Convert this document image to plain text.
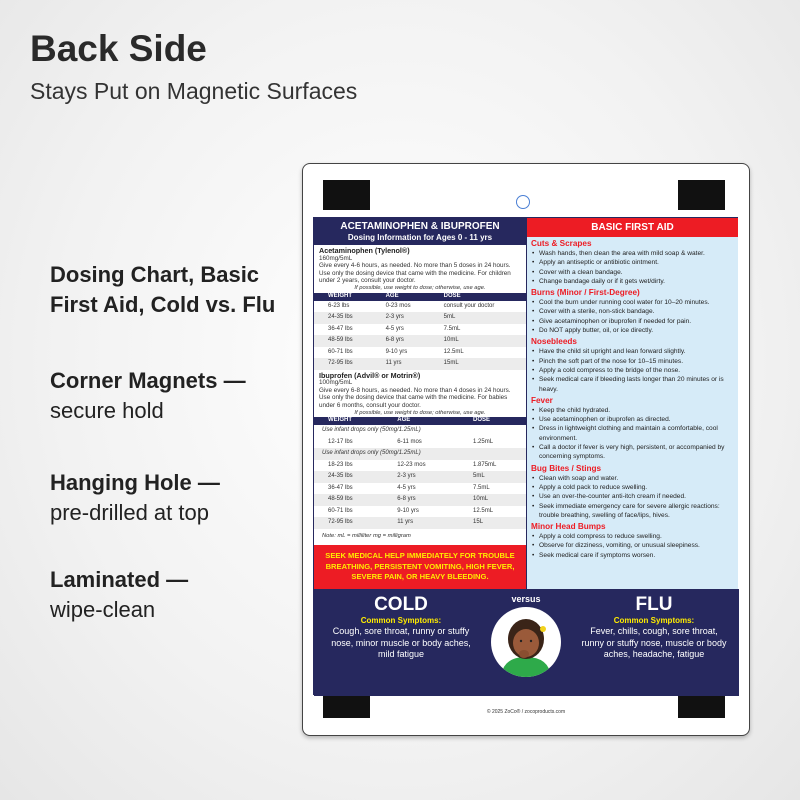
Back Side
Stays Put on Magnetic Surfaces
Dosing Chart, Basic First Aid, Cold vs. Flu
Corner Magnets —
secure hold
Hanging Hole —
pre-drilled at top
Laminated —
wipe-clean
ACETAMINOPHEN & IBUPROFEN
Dosing Information for Ages 0 - 11 yrs
Acetaminophen (Tylenol®)
160mg/5mL
Give every 4-6 hours, as needed. No more than 5 doses in 24 hours. Use only the dosing device that came with the medicine. For children under 2 years, consult your doctor.
If possible, use weight to dose; otherwise, use age.
WEIGHT	AGE	DOSE
6-23 lbs	0-23 mos	consult your doctor
24-35 lbs	2-3 yrs	5mL
36-47 lbs	4-5 yrs	7.5mL
48-59 lbs	6-8 yrs	10mL
60-71 lbs	9-10 yrs	12.5mL
72-95 lbs	11 yrs	15mL
Ibuprofen (Advil® or Motrin®)
100mg/5mL
Give every 6-8 hours, as needed. No more than 4 doses in 24 hours. Use only the dosing device that came with the medicine. For babies under 6 months, consult your doctor.
If possible, use weight to dose; otherwise, use age.
WEIGHT	AGE	DOSE
Use infant drops only (50mg/1.25mL)		
12-17 lbs	6-11 mos	1.25mL
Use infant drops only (50mg/1.25mL)		
18-23 lbs	12-23 mos	1.875mL
24-35 lbs	2-3 yrs	5mL
36-47 lbs	4-5 yrs	7.5mL
48-59 lbs	6-8 yrs	10mL
60-71 lbs	9-10 yrs	12.5mL
72-95 lbs	11 yrs	15L
Note: mL = milliliter mg = milligram
SEEK MEDICAL HELP IMMEDIATELY FOR TROUBLE BREATHING, PERSISTENT VOMITING, HIGH FEVER, SEVERE PAIN, OR HEAVY BLEEDING.
BASIC FIRST AID
Cuts & Scrapes
• Wash hands, then clean the area with mild soap & water.
• Apply an antiseptic or antibiotic ointment.
• Cover with a clean bandage.
• Change bandage daily or if it gets wet/dirty.
Burns (Minor / First-Degree)
• Cool the burn under running cool water for 10–20 minutes.
• Cover with a sterile, non-stick bandage.
• Give acetaminophen or ibuprofen if needed for pain.
• Do NOT apply butter, oil, or ice directly.
Nosebleeds
• Have the child sit upright and lean forward slightly.
• Pinch the soft part of the nose for 10–15 minutes.
• Apply a cold compress to the bridge of the nose.
• Seek medical care if bleeding lasts longer than 20 minutes or is heavy.
Fever
• Keep the child hydrated.
• Use acetaminophen or ibuprofen as directed.
• Dress in lightweight clothing and maintain a comfortable, cool environment.
• Call a doctor if fever is very high, persistent, or accompanied by concerning symptoms.
Bug Bites / Stings
• Clean with soap and water.
• Apply a cold pack to reduce swelling.
• Use an over-the-counter anti-itch cream if needed.
• Seek immediate emergency care for severe allergic reactions: trouble breathing, swelling of face/lips, hives.
Minor Head Bumps
• Apply a cold compress to reduce swelling.
• Observe for dizziness, vomiting, or unusual sleepiness.
• Seek medical care if symptoms worsen.
COLD
Common Symptoms:
Cough, sore throat, runny or stuffy nose, minor muscle or body aches, mild fatigue
versus	FLU
Common Symptoms:
Fever, chills, cough, sore throat, runny or stuffy nose, muscle or body aches, headache, fatigue
© 2025 ZoCo® / zocoproducts.com
